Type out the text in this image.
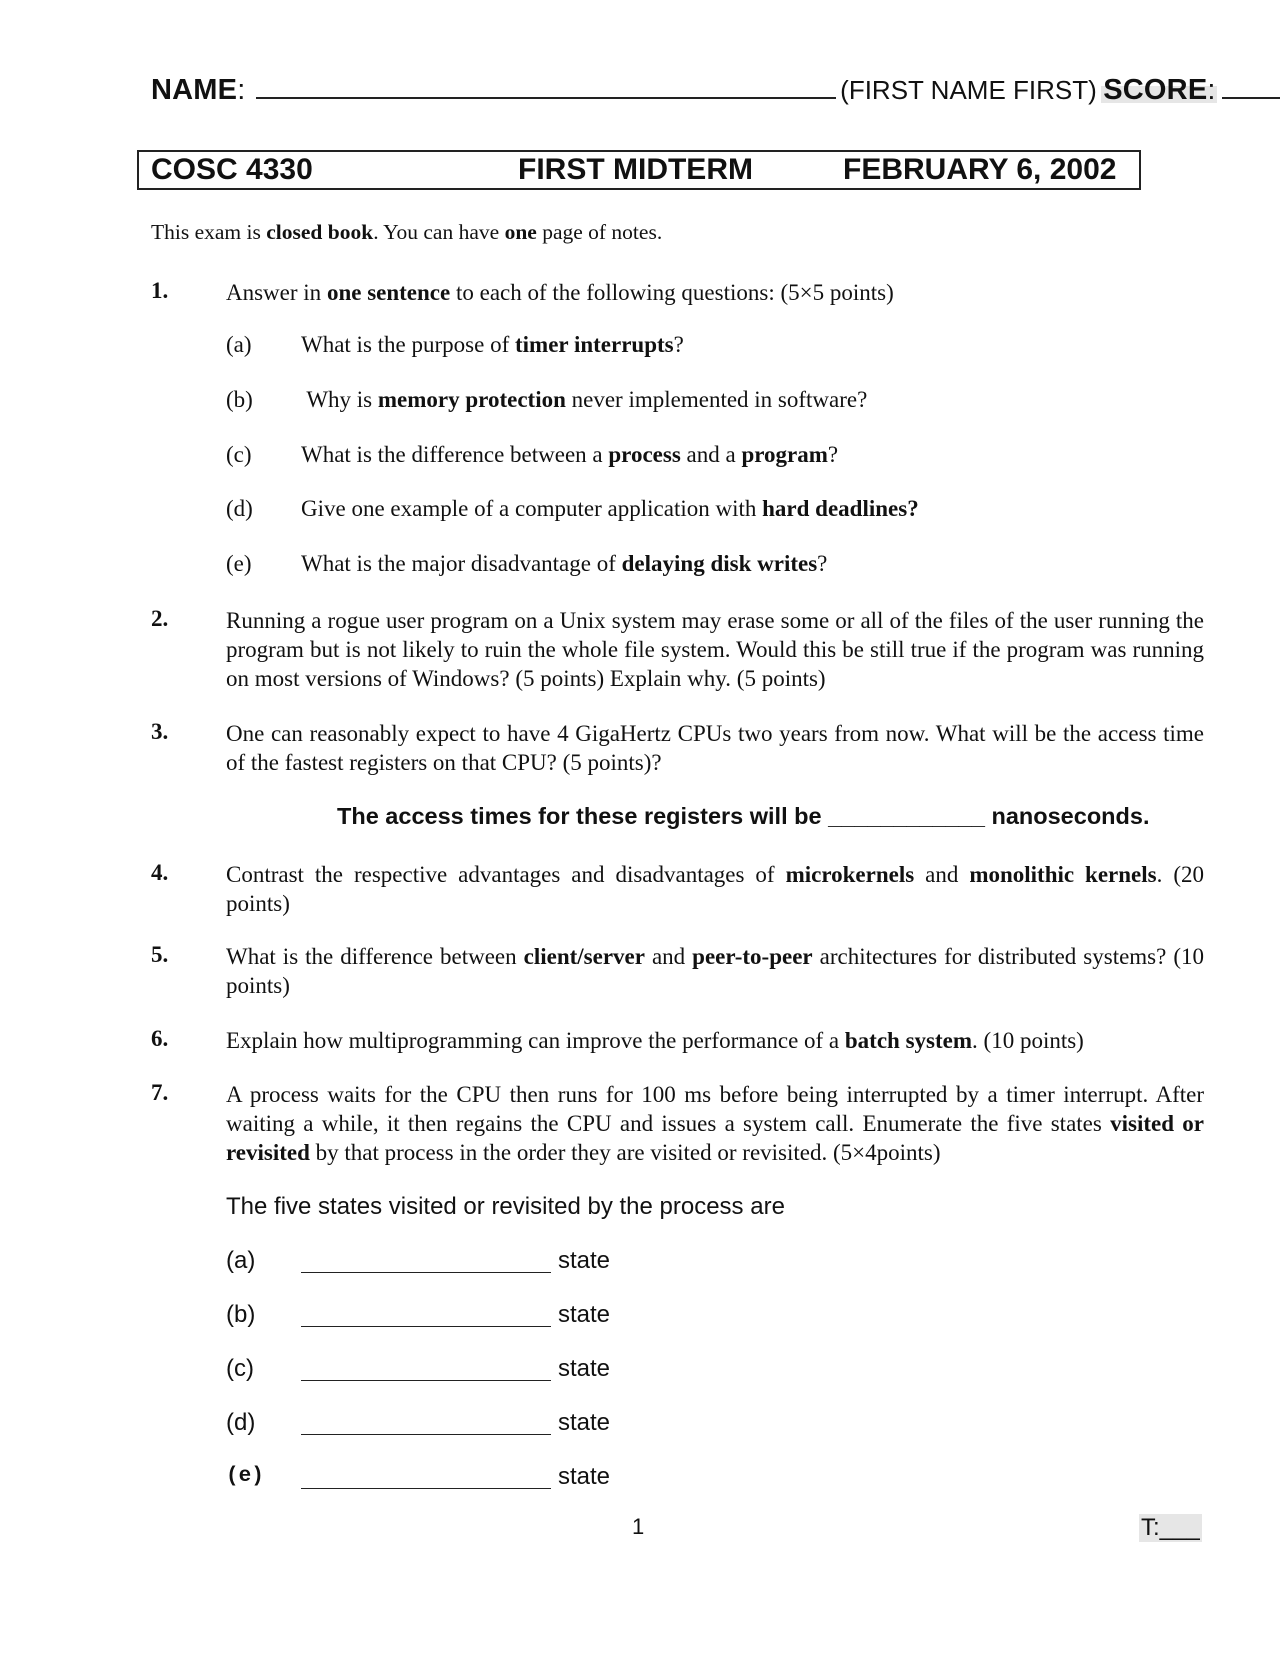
NAME:	(FIRST NAME FIRST) SCORE:
COSC 4330	FIRST MIDTERM	FEBRUARY 6, 2002
This exam is closed book. You can have one page of notes.
1.	Answer in one sentence to each of the following questions: (5×5 points)
(a) What is the purpose of timer interrupts?
(b) Why is memory protection never implemented in software?
(c) What is the difference between a process and a program?
(d) Give one example of a computer application with hard deadlines?
(e) What is the major disadvantage of delaying disk writes?
2.	Running a rogue user program on a Unix system may erase some or all of the files of the user running the program but is not likely to ruin the whole file system. Would this be still true if the program was running on most versions of Windows? (5 points) Explain why. (5 points)
3.	One can reasonably expect to have 4 GigaHertz CPUs two years from now. What will be the access time of the fastest registers on that CPU? (5 points)?
The access times for these registers will be ____________ nanoseconds.
4.	Contrast the respective advantages and disadvantages of microkernels and monolithic kernels. (20 points)
5.	What is the difference between client/server and peer-to-peer architectures for distributed systems? (10 points)
6.	Explain how multiprogramming can improve the performance of a batch system. (10 points)
7.	A process waits for the CPU then runs for 100 ms before being interrupted by a timer interrupt. After waiting a while, it then regains the CPU and issues a system call. Enumerate the five states visited or revisited by that process in the order they are visited or revisited. (5×4points)
The five states visited or revisited by the process are
(a)	state
(b)	state
(c)	state
(d)	state
(e)	state
1	T:___
